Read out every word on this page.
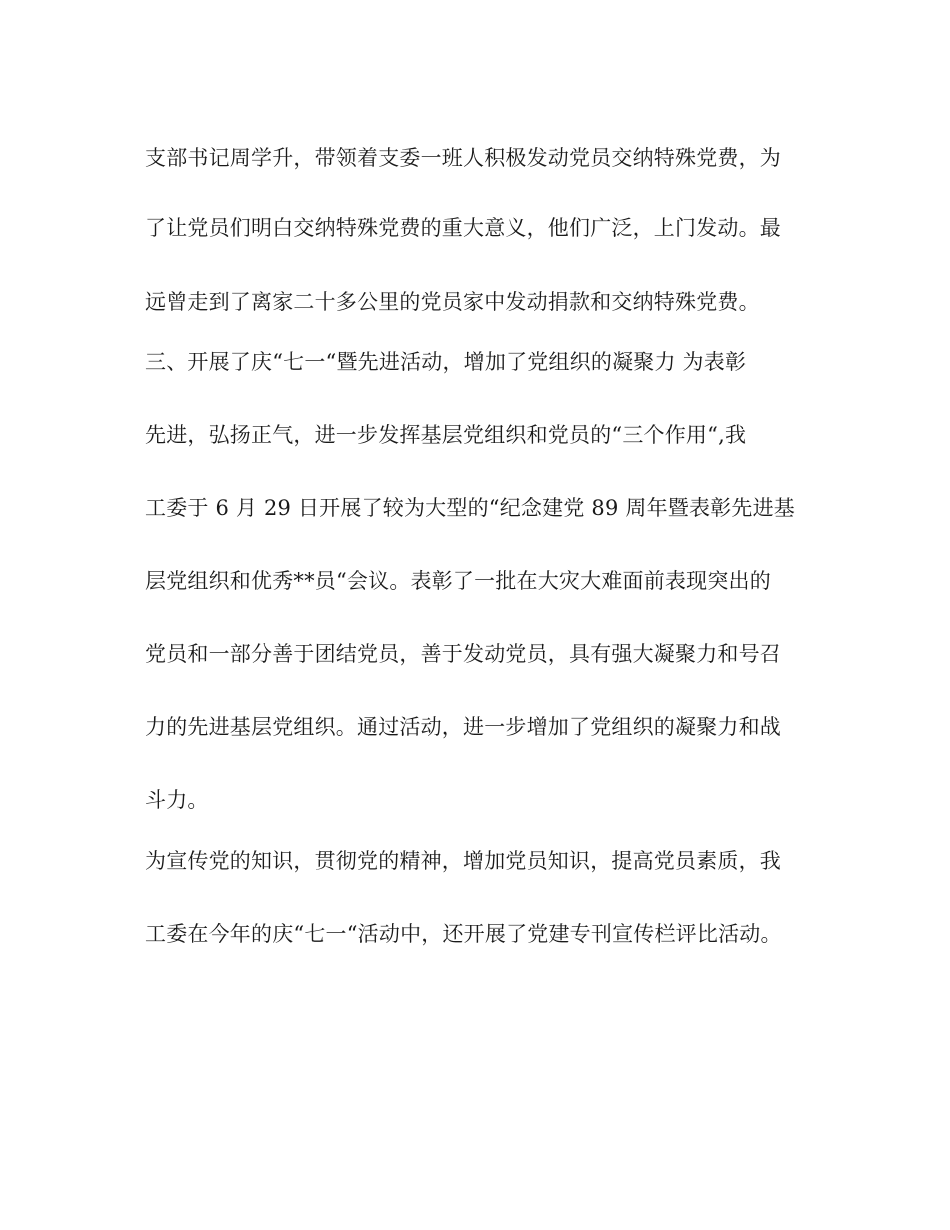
支部书记周学升，带领着支委一班人积极发动党员交纳特殊党费，为
了让党员们明白交纳特殊党费的重大意义，他们广泛，上门发动。最
远曾走到了离家二十多公里的党员家中发动捐款和交纳特殊党费。
三、开展了庆“七一“暨先进活动，增加了党组织的凝聚力 为表彰
先进，弘扬正气，进一步发挥基层党组织和党员的“三个作用“,我
工委于 6 月 29 日开展了较为大型的“纪念建党 89 周年暨表彰先进基
层党组织和优秀**员“会议。表彰了一批在大灾大难面前表现突出的
党员和一部分善于团结党员，善于发动党员，具有强大凝聚力和号召
力的先进基层党组织。通过活动，进一步增加了党组织的凝聚力和战
斗力。
为宣传党的知识，贯彻党的精神，增加党员知识，提高党员素质，我
工委在今年的庆“七一“活动中，还开展了党建专刊宣传栏评比活动。
